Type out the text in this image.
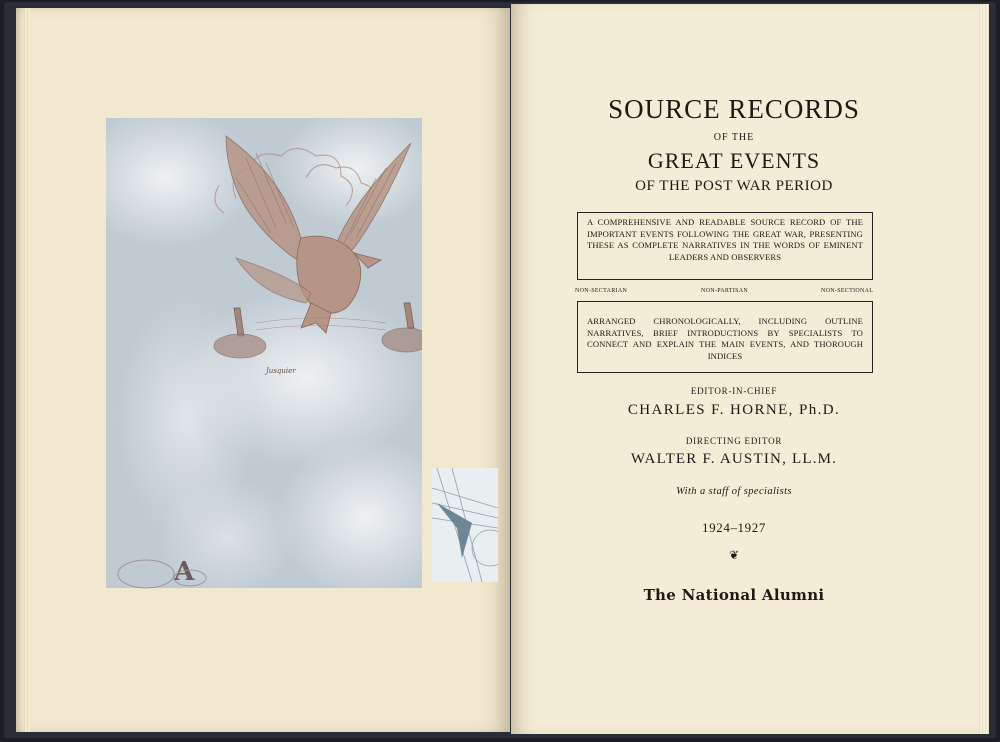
Jusquier
A
SOURCE RECORDS
OF THE
GREAT EVENTS
OF THE POST WAR PERIOD
A COMPREHENSIVE AND READABLE SOURCE RECORD OF THE IMPORTANT EVENTS FOLLOWING THE GREAT WAR, PRESENTING THESE AS COMPLETE NARRATIVES IN THE WORDS OF EMINENT LEADERS AND OBSERVERS
NON-SECTARIAN	NON-PARTISAN	NON-SECTIONAL
ARRANGED CHRONOLOGICALLY, INCLUDING OUTLINE NARRATIVES, BRIEF INTRODUCTIONS BY SPECIALISTS TO CONNECT AND EXPLAIN THE MAIN EVENTS, AND THOROUGH INDICES
EDITOR-IN-CHIEF
CHARLES F. HORNE, Ph.D.
DIRECTING EDITOR
WALTER F. AUSTIN, LL.M.
With a staff of specialists
1924–1927
❦
The National Alumni
